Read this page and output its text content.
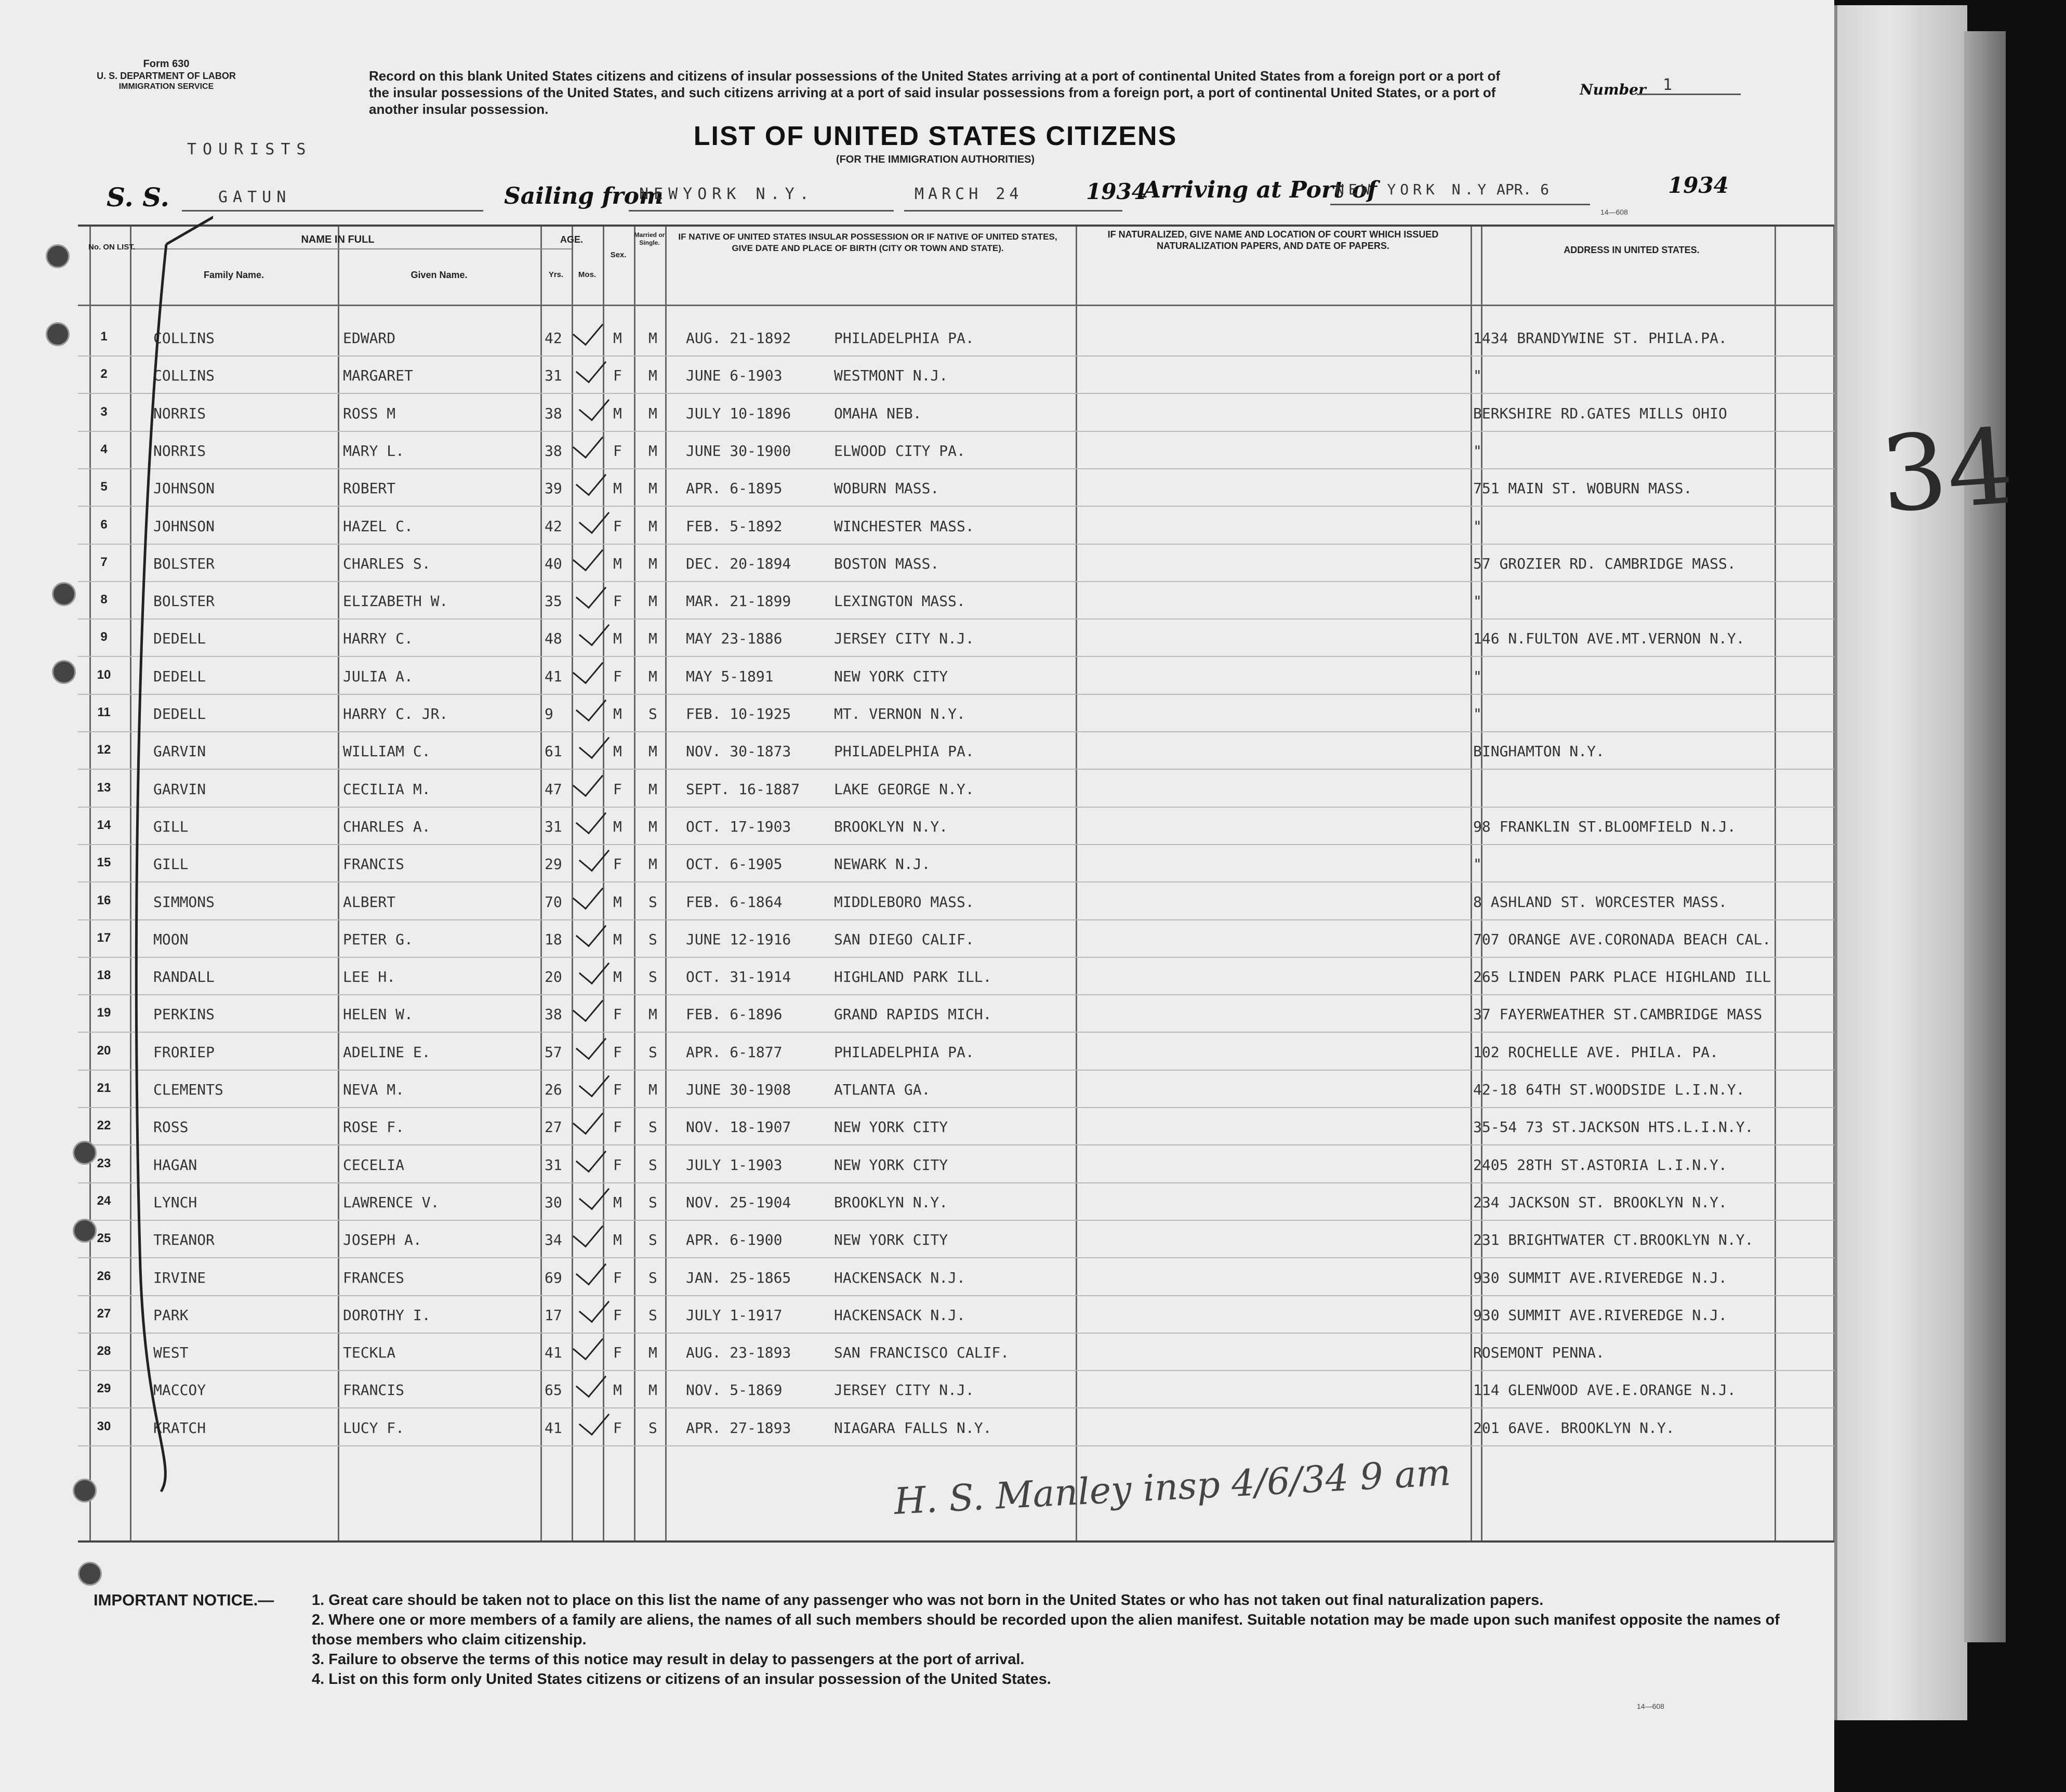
Form 630
U. S. DEPARTMENT OF LABOR
IMMIGRATION SERVICE
Record on this blank United States citizens and citizens of insular possessions of the United States arriving at a port of continental United States from a foreign port or a port of the insular possessions of the United States, and such citizens arriving at a port of said insular possessions from a foreign port, a port of continental United States, or a port of another insular possession.
Number 1
TOURISTS	LIST OF UNITED STATES CITIZENS
(FOR THE IMMIGRATION AUTHORITIES)
S. S.	GATUN	Sailing from
NEWYORK N.Y.	MARCH 24	1934
Arriving at Port of
NEW YORK N.Y APR. 6	1934
14—608
No. ON LIST.
NAME IN FULL
Family Name.	Given Name.
AGE.
Yrs.	Mos.
Sex.
Married or Single.
IF NATIVE OF UNITED STATES INSULAR POSSESSION OR IF NATIVE OF UNITED STATES, GIVE DATE AND PLACE OF BIRTH (CITY OR TOWN AND STATE).
IF NATURALIZED, GIVE NAME AND LOCATION OF COURT WHICH ISSUED NATURALIZATION PAPERS, AND DATE OF PAPERS.	ADDRESS IN UNITED STATES.
1	COLLINS	EDWARD	42	M M AUG. 21-1892	PHILADELPHIA PA.	1434 BRANDYWINE ST. PHILA.PA.
2	COLLINS	MARGARET	31	F M JUNE 6-1903	WESTMONT N.J.	"
3	NORRIS	ROSS M	38	M M JULY 10-1896	OMAHA NEB.	BERKSHIRE RD.GATES MILLS OHIO
4	NORRIS	MARY L.	38	F M JUNE 30-1900	ELWOOD CITY PA.	"
5	JOHNSON	ROBERT	39	M M APR. 6-1895	WOBURN MASS.	751 MAIN ST. WOBURN MASS.
6	JOHNSON	HAZEL C.	42	F M FEB. 5-1892	WINCHESTER MASS.	"
7	BOLSTER	CHARLES S.	40	M M DEC. 20-1894	BOSTON MASS.	57 GROZIER RD. CAMBRIDGE MASS.
8	BOLSTER	ELIZABETH W.	35	F M MAR. 21-1899	LEXINGTON MASS.	"
9	DEDELL	HARRY C.	48	M M MAY 23-1886	JERSEY CITY N.J.	146 N.FULTON AVE.MT.VERNON N.Y.
10	DEDELL	JULIA A.	41	F M MAY 5-1891	NEW YORK CITY	"
11	DEDELL	HARRY C. JR.	9	M S FEB. 10-1925	MT. VERNON N.Y.	"
12	GARVIN	WILLIAM C.	61	M M NOV. 30-1873	PHILADELPHIA PA.	BINGHAMTON N.Y.
13	GARVIN	CECILIA M.	47	F M SEPT. 16-1887 LAKE GEORGE N.Y.
14	GILL	CHARLES A.	31	M M OCT. 17-1903	BROOKLYN N.Y.	98 FRANKLIN ST.BLOOMFIELD N.J.
15	GILL	FRANCIS	29	F M OCT. 6-1905	NEWARK N.J.	"
16	SIMMONS	ALBERT	70	M S FEB. 6-1864	MIDDLEBORO MASS.	8 ASHLAND ST. WORCESTER MASS.
17	MOON	PETER G.	18	M S JUNE 12-1916	SAN DIEGO CALIF.	707 ORANGE AVE.CORONADA BEACH CAL.
18	RANDALL	LEE H.	20	M S OCT. 31-1914	HIGHLAND PARK ILL.	265 LINDEN PARK PLACE HIGHLAND ILL
19	PERKINS	HELEN W.	38	F M FEB. 6-1896	GRAND RAPIDS MICH.	37 FAYERWEATHER ST.CAMBRIDGE MASS
20	FRORIEP	ADELINE E.	57	F S APR. 6-1877	PHILADELPHIA PA.	102 ROCHELLE AVE. PHILA. PA.
21	CLEMENTS	NEVA M.	26	F M JUNE 30-1908	ATLANTA GA.	42-18 64TH ST.WOODSIDE L.I.N.Y.
22	ROSS	ROSE F.	27	F S NOV. 18-1907	NEW YORK CITY	35-54 73 ST.JACKSON HTS.L.I.N.Y.
23	HAGAN	CECELIA	31	F S JULY 1-1903	NEW YORK CITY	2405 28TH ST.ASTORIA L.I.N.Y.
24	LYNCH	LAWRENCE V.	30	M S NOV. 25-1904	BROOKLYN N.Y.	234 JACKSON ST. BROOKLYN N.Y.
25	TREANOR	JOSEPH A.	34	M S APR. 6-1900	NEW YORK CITY	231 BRIGHTWATER CT.BROOKLYN N.Y.
26	IRVINE	FRANCES	69	F S JAN. 25-1865	HACKENSACK N.J.	930 SUMMIT AVE.RIVEREDGE N.J.
27	PARK	DOROTHY I.	17	F S JULY 1-1917	HACKENSACK N.J.	930 SUMMIT AVE.RIVEREDGE N.J.
28	WEST	TECKLA	41	F M AUG. 23-1893	SAN FRANCISCO CALIF.	ROSEMONT PENNA.
29	MACCOY	FRANCIS	65	M M NOV. 5-1869	JERSEY CITY N.J.	114 GLENWOOD AVE.E.ORANGE N.J.
30	KRATCH	LUCY F.	41	F S APR. 27-1893	NIAGARA FALLS N.Y.	201 6AVE. BROOKLYN N.Y.
H. S. Manley insp 4/6/34 9 am
IMPORTANT NOTICE.—	1. Great care should be taken not to place on this list the name of any passenger who was not born in the United States or who has not taken out final naturalization papers.
2. Where one or more members of a family are aliens, the names of all such members should be recorded upon the alien manifest. Suitable notation may be made upon such manifest opposite the names of those members who claim citizenship.
3. Failure to observe the terms of this notice may result in delay to passengers at the port of arrival.
4. List on this form only United States citizens or citizens of an insular possession of the United States.
14—608
34
